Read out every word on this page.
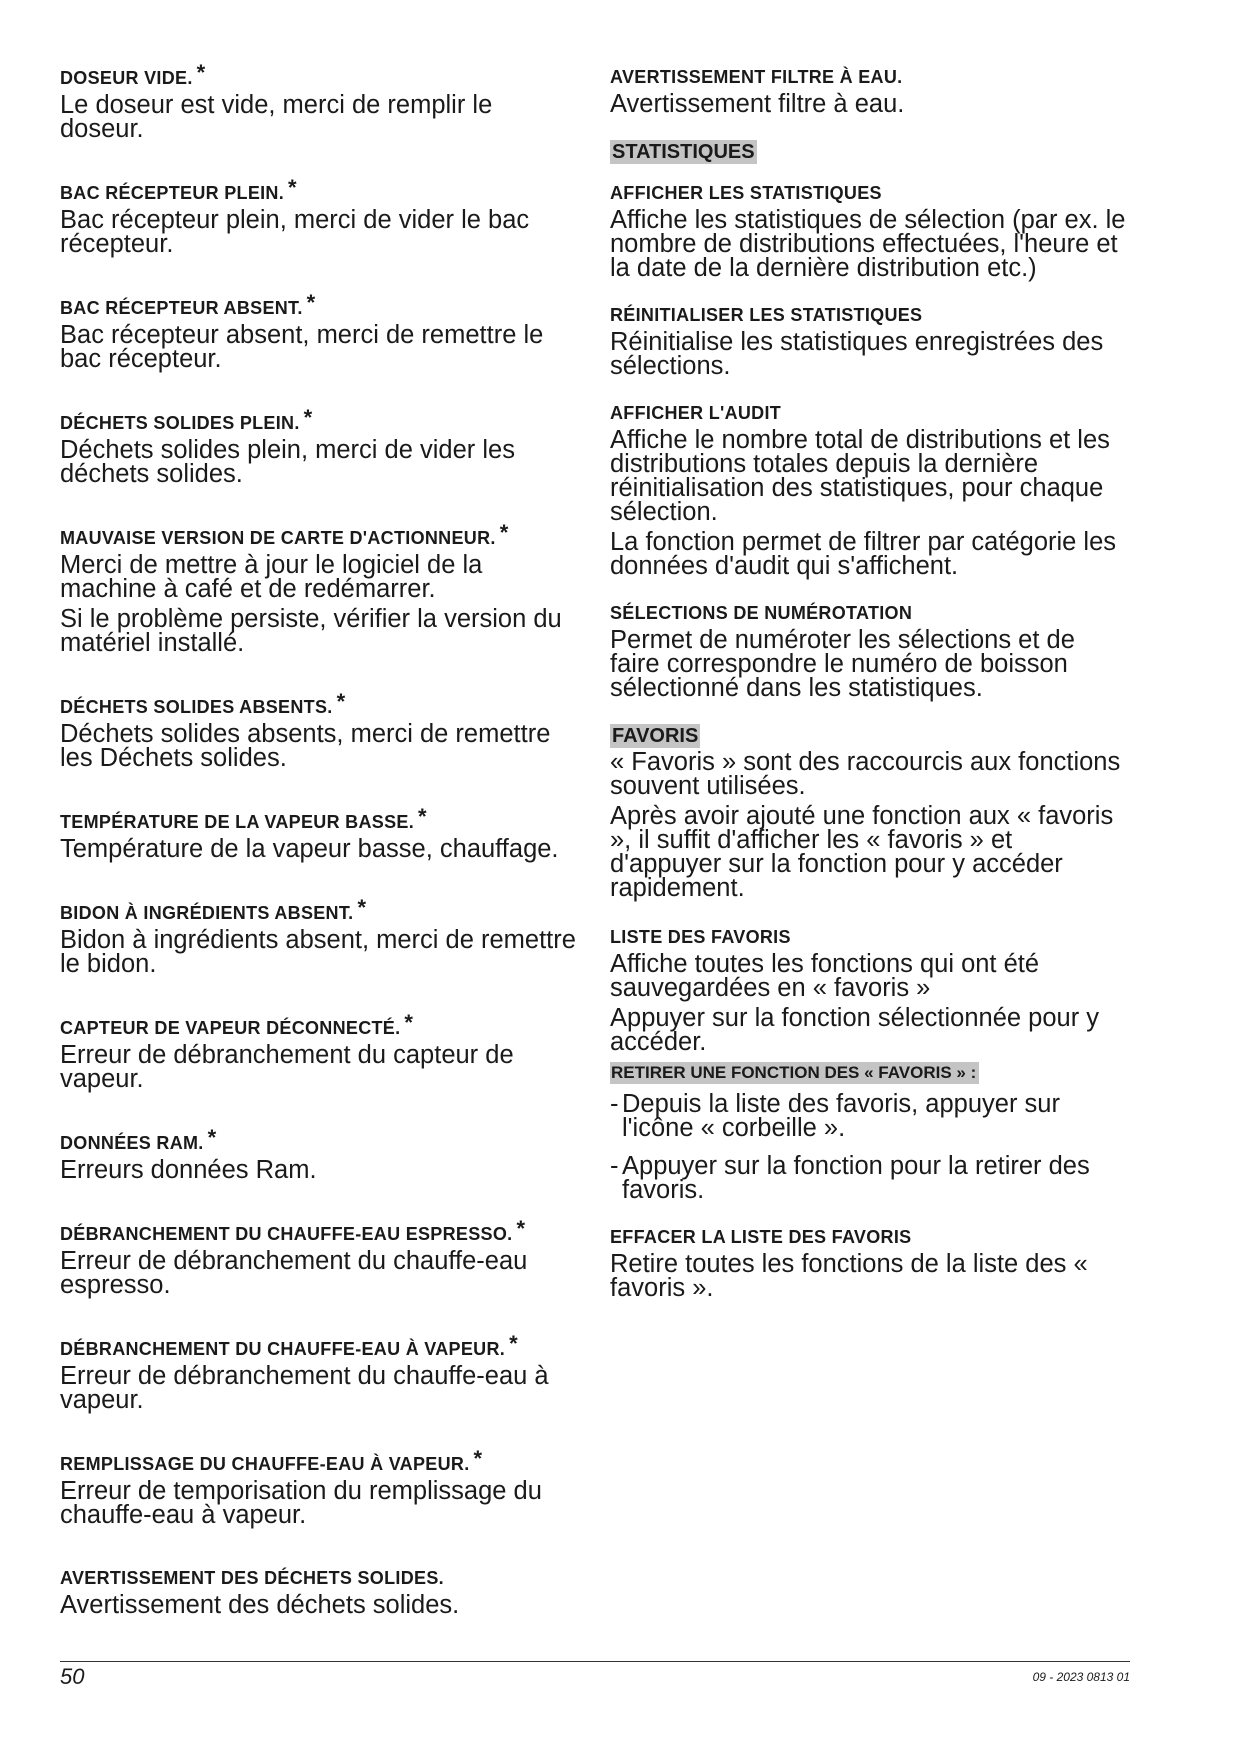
DOSEUR VIDE. *

Le doseur est vide, merci de remplir le doseur.

BAC RÉCEPTEUR PLEIN. *

Bac récepteur plein, merci de vider le bac récepteur.

BAC RÉCEPTEUR ABSENT. *

Bac récepteur absent, merci de remettre le bac récepteur.

DÉCHETS SOLIDES PLEIN. *

Déchets solides plein, merci de vider les déchets solides.

MAUVAISE VERSION DE CARTE D'ACTIONNEUR. *

Merci de mettre à jour le logiciel de la machine à café et de redémarrer.

Si le problème persiste, vérifier la version du matériel installé.

DÉCHETS SOLIDES ABSENTS. *

Déchets solides absents, merci de remettre les Déchets solides.

TEMPÉRATURE DE LA VAPEUR BASSE. *

Température de la vapeur basse, chauffage.

BIDON À INGRÉDIENTS ABSENT. *

Bidon à ingrédients absent, merci de remettre le bidon.

CAPTEUR DE VAPEUR DÉCONNECTÉ. *

Erreur de débranchement du capteur de vapeur.

DONNÉES RAM. *

Erreurs données Ram.

DÉBRANCHEMENT DU CHAUFFE-EAU ESPRESSO. *

Erreur de débranchement du chauffe-eau espresso.

DÉBRANCHEMENT DU CHAUFFE-EAU À VAPEUR. *

Erreur de débranchement du chauffe-eau à vapeur.

REMPLISSAGE DU CHAUFFE-EAU À VAPEUR. *

Erreur de temporisation du remplissage du chauffe-eau à vapeur.

AVERTISSEMENT DES DÉCHETS SOLIDES.

Avertissement des déchets solides.

AVERTISSEMENT FILTRE À EAU.

Avertissement filtre à eau.

STATISTIQUES

AFFICHER LES STATISTIQUES

Affiche les statistiques de sélection (par ex. le nombre de distributions effectuées, l'heure et la date de la dernière distribution etc.)

RÉINITIALISER LES STATISTIQUES

Réinitialise les statistiques enregistrées des sélections.

AFFICHER L'AUDIT

Affiche le nombre total de distributions et les distributions totales depuis la dernière réinitialisation des statistiques, pour chaque sélection.

La fonction permet de filtrer par catégorie les données d'audit qui s'affichent.

SÉLECTIONS DE NUMÉROTATION

Permet de numéroter les sélections et de faire correspondre le numéro de boisson sélectionné dans les statistiques.

FAVORIS

« Favoris » sont des raccourcis aux fonctions souvent utilisées.

Après avoir ajouté une fonction aux « favoris », il suffit d'afficher les « favoris » et d'appuyer sur la fonction pour y accéder rapidement.

LISTE DES FAVORIS

Affiche toutes les fonctions qui ont été sauvegardées en « favoris »

Appuyer sur la fonction sélectionnée pour y accéder.

RETIRER UNE FONCTION DES « FAVORIS » :
- Depuis la liste des favoris, appuyer sur l'icône « corbeille ».
- Appuyer sur la fonction pour la retirer des favoris.

EFFACER LA LISTE DES FAVORIS

Retire toutes les fonctions de la liste des « favoris ».

50	09 - 2023 0813 01
